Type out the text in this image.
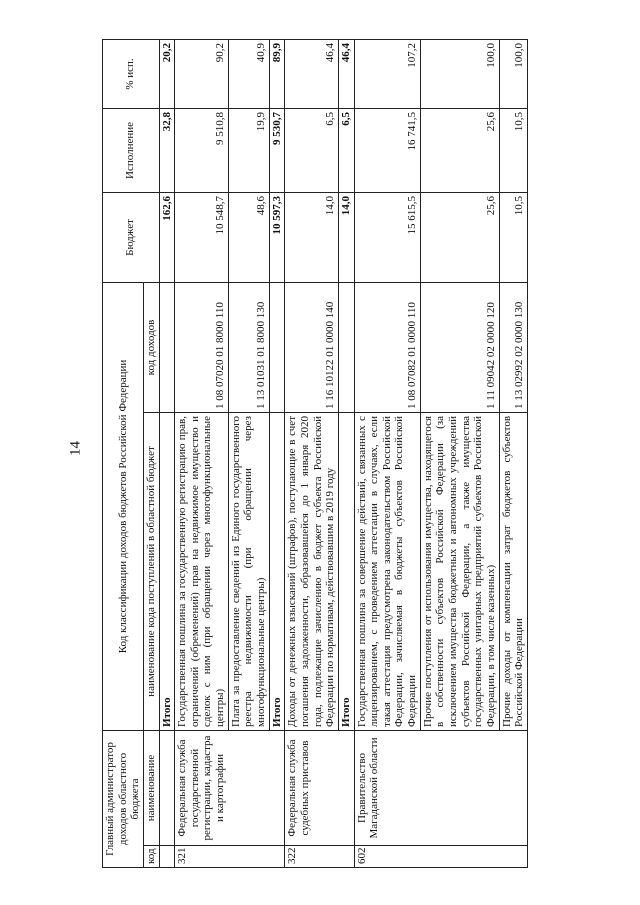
14
Главный администратор доходов областного бюджета		Код классификации доходов бюджетов Российской Федерации		Бюджет	Исполнение	% исп.
код	наименование	наименование кода поступлений в областной бюджет	код доходов			
		Итого		162,6	32,8	20,2
321	Федеральная служба государственной регистрации, кадастра и картографии	Государственная пошлина за государственную регистрацию прав, ограничений (обременений) прав на недвижимое имущество и сделок с ним (при обращении через многофункциональные центры)	1 08 07020 01 8000 110	10 548,7	9 510,8	90,2
		Плата за предоставление сведений из Единого государственного реестра недвижимости (при обращении через многофункциональные центры)	1 13 01031 01 8000 130	48,6	19,9	40,9
		Итого		10 597,3	9 530,7	89,9
322	Федеральная служба судебных приставов	Доходы от денежных взысканий (штрафов), поступающие в счет погашения задолженности, образовавшейся до 1 января 2020 года, подлежащие зачислению в бюджет субъекта Российской Федерации по нормативам, действовавшим в 2019 году	1 16 10122 01 0000 140	14,0	6,5	46,4
		Итого		14,0	6,5	46,4
602	Правительство Магаданской области	Государственная пошлина за совершение действий, связанных с лицензированием, с проведением аттестации в случаях, если такая аттестация предусмотрена законодательством Российской Федерации, зачисляемая в бюджеты субъектов Российской Федерации	1 08 07082 01 0000 110	15 615,5	16 741,5	107,2
		Прочие поступления от использования имущества, находящегося в собственности субъектов Российской Федерации (за исключением имущества бюджетных и автономных учреждений субъектов Российской Федерации, а также имущества государственных унитарных предприятий субъектов Российской Федерации, в том числе казенных)	1 11 09042 02 0000 120	25,6	25,6	100,0
		Прочие доходы от компенсации затрат бюджетов субъектов Российской Федерации	1 13 02992 02 0000 130	10,5	10,5	100,0
